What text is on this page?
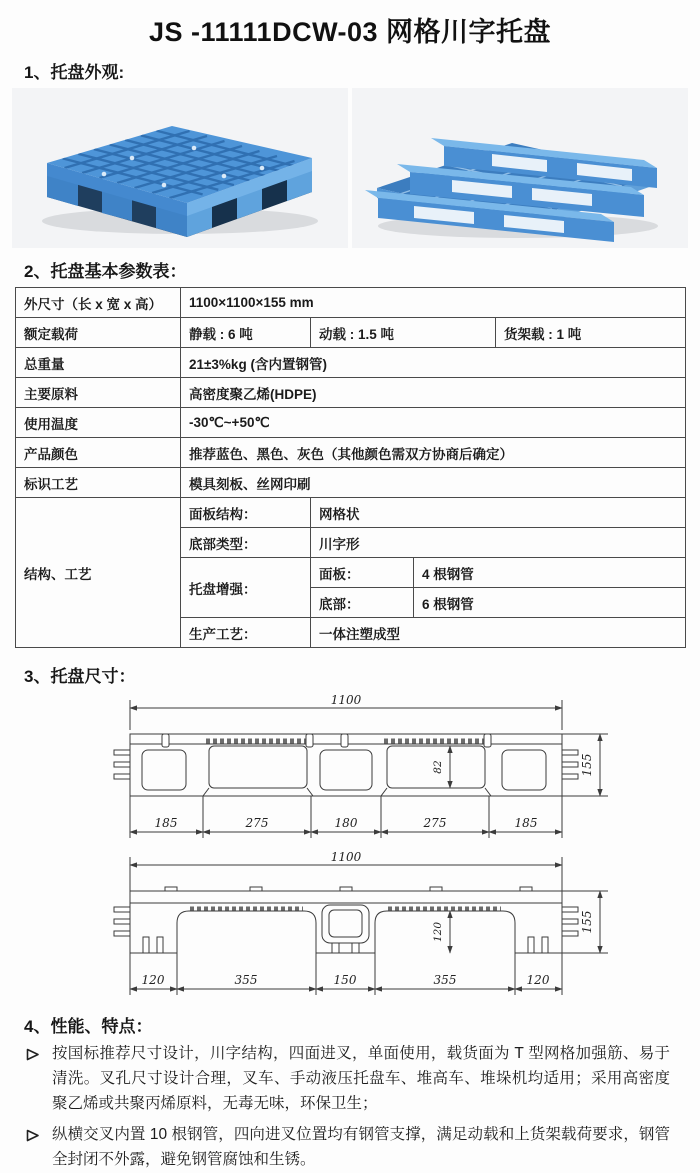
JS -11111DCW-03 网格川字托盘
1、托盘外观:
2、托盘基本参数表：
外尺寸（长 x 宽 x 高）	1100×1100×155 mm			
额定载荷	静载 : 6 吨	动载 : 1.5 吨		货架载 : 1 吨
总重量	21±3%kg (含内置钢管)			
主要原料	高密度聚乙烯(HDPE)			
使用温度	-30℃~+50℃			
产品颜色	推荐蓝色、黑色、灰色（其他颜色需双方协商后确定）			
标识工艺	模具刻板、丝网印刷			
结构、工艺	面板结构：	网格状		
	底部类型：	川字形		
	托盘增强：	面板：	4 根钢管	
		底部：	6 根钢管	
	生产工艺：	一体注塑成型		
3、托盘尺寸：
1100
82	155
185	275	180	275	185
1100
120	155
120	355	150	355	120
4、性能、特点：

按国标推荐尺寸设计，川字结构，四面进叉，单面使用，载货面为 T 型网格加强筋、易于清洗。叉孔尺寸设计合理，叉车、手动液压托盘车、堆高车、堆垛机均适用；采用高密度聚乙烯或共聚丙烯原料，无毒无味，环保卫生；

纵横交叉内置 10 根钢管，四向进叉位置均有钢管支撑，满足动载和上货架载荷要求，钢管全封闭不外露，避免钢管腐蚀和生锈。
